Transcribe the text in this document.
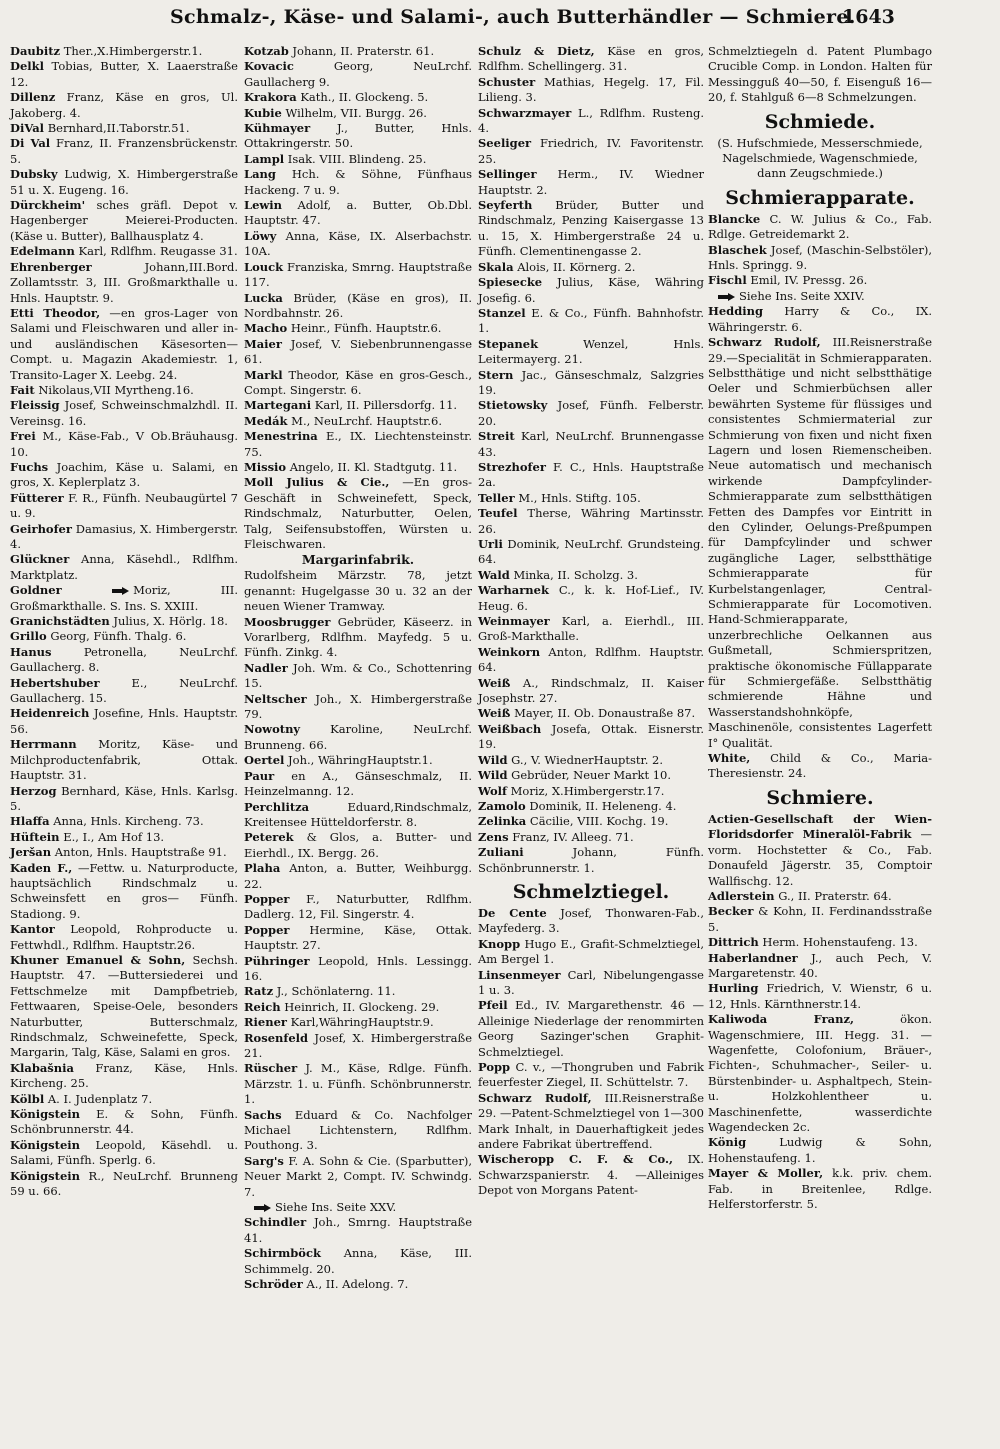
Schmalz-, Käse- und Salami-, auch Butterhändler — Schmiere.
1643

Daubitz Ther.,X.Himbergerstr.1.

Delkl Tobias, Butter, X. Laaerstraße 12.

Dillenz Franz, Käse en gros, Ul. Jakoberg. 4.

DiVal Bernhard,II.Taborstr.51.

Di Val Franz, II. Franzensbrückenstr. 5.

Dubsky Ludwig, X. Himbergerstraße 51 u. X. Eugeng. 16.

Dürckheim' sches gräfl. Depot v. Hagenberger Meierei-Producten. (Käse u. Butter), Ballhausplatz 4.

Edelmann Karl, Rdlfhm. Reugasse 31.

Ehrenberger	Johann,III.Bord. Zollamtsstr. 3, III. Großmarkthalle u. Hnls. Hauptstr. 9.

Etti Theodor, —en gros-Lager von Salami und Fleischwaren und aller in- und ausländischen Käsesorten—Compt. u. Magazin Akademiestr. 1, Transito-Lager X. Leebg. 24.

Fait Nikolaus,VII Myrtheng.16.

Fleissig Josef, Schweinschmalzhdl. II. Vereinsg. 16.

Frei M., Käse-Fab., V Ob.Bräuhausg. 10.

Fuchs Joachim, Käse u. Salami, en gros, X. Keplerplatz 3.

Fütterer F. R., Fünfh. Neubaugürtel 7 u. 9.

Geirhofer Damasius, X. Himbergerstr. 4.

Glückner Anna, Käsehdl., Rdlfhm. Marktplatz.

Goldner Moriz, III. Großmarkthalle. S. Ins. S. XXIII.

Granichstädten Julius, X. Hörlg. 18.

Grillo Georg, Fünfh. Thalg. 6.

Hanus	Petronella, NeuLrchf. Gaullacherg. 8.

Hebertshuber	E., NeuLrchf. Gaullacherg. 15.

Heidenreich Josefine, Hnls. Hauptstr. 56.

Herrmann Moritz, Käse- und Milchproductenfabrik, Ottak. Hauptstr. 31.

Herzog Bernhard, Käse, Hnls. Karlsg. 5.

Hlaffa Anna, Hnls. Kircheng. 73.

Hüftein E., I., Am Hof 13.

Jeršan Anton, Hnls. Hauptstraße 91.

Kaden F., —Fettw. u. Naturproducte, hauptsächlich Rindschmalz u. Schweinsfett en gros— Fünfh. Stadiong. 9.

Kantor Leopold, Rohproducte u. Fettwhdl., Rdlfhm. Hauptstr.26.

Khuner Emanuel & Sohn, Sechsh. Hauptstr. 47. —Buttersiederei und Fettschmelze mit Dampfbetrieb, Fettwaaren, Speise-Oele, besonders Naturbutter, Butterschmalz, Rindschmalz, Schweinefette, Speck, Margarin, Talg, Käse, Salami en gros.

Klabašnia Franz, Käse, Hnls. Kircheng. 25.

Kölbl A. I. Judenplatz 7.

Königstein E. & Sohn, Fünfh. Schönbrunnerstr. 44.

Königstein Leopold, Käsehdl. u. Salami, Fünfh. Sperlg. 6.

Königstein R., NeuLrchf. Brunneng 59 u. 66.

Kotzab Johann, II. Praterstr. 61.

Kovacic	Georg, NeuLrchf. Gaullacherg 9.

Krakora Kath., II. Glockeng. 5.

Kubie Wilhelm, VII. Burgg. 26.

Kühmayer J., Butter, Hnls. Ottakringerstr. 50.

Lampl Isak. VIII. Blindeng. 25.

Lang Hch. & Söhne, Fünfhaus Hackeng. 7 u. 9.

Lewin Adolf, a. Butter, Ob.Dbl. Hauptstr. 47.

Löwy Anna, Käse, IX. Alserbachstr. 10A.

Louck Franziska, Smrng. Hauptstraße 117.

Lucka Brüder, (Käse en gros), II. Nordbahnstr. 26.

Macho Heinr., Fünfh. Hauptstr.6.

Maier Josef, V. Siebenbrunnengasse 61.

Markl Theodor, Käse en gros-Gesch., Compt. Singerstr. 6.

Martegani Karl, II. Pillersdorfg. 11.

Medák M., NeuLrchf. Hauptstr.6.

Menestrina E., IX. Liechtensteinstr. 75.

Missio Angelo, II. Kl. Stadtgutg. 11.

Moll Julius & Cie., —En gros-Geschäft in Schweinefett, Speck, Rindschmalz, Naturbutter, Oelen, Talg, Seifensubstoffen, Würsten u. Fleischwaren.

Margarinfabrik.

Rudolfsheim Märzstr. 78, jetzt genannt: Hugelgasse 30 u. 32 an der neuen Wiener Tramway.

Moosbrugger Gebrüder, Käseerz. in Vorarlberg, Rdlfhm. Mayfedg. 5 u. Fünfh. Zinkg. 4.

Nadler Joh. Wm. & Co., Schottenring 15.

Neltscher Joh., X. Himbergerstraße 79.

Nowotny	Karoline, NeuLrchf. Brunneng. 66.

Oertel Joh., WähringHauptstr.1.

Paur en A., Gänseschmalz, II. Heinzelmanng. 12.

Perchlitza	Eduard,Rindschmalz, Kreitensee Hütteldorferstr. 8.

Peterek & Glos, a. Butter- und Eierhdl., IX. Bergg. 26.

Plaha Anton, a. Butter, Weihburgg. 22.

Popper F., Naturbutter, Rdlfhm. Dadlerg. 12, Fil. Singerstr. 4.

Popper Hermine, Käse, Ottak. Hauptstr. 27.

Pühringer Leopold, Hnls. Lessingg. 16.

Ratz J., Schönlaterng. 11.

Reich Heinrich, II. Glockeng. 29.

Riener Karl,WähringHauptstr.9.

Rosenfeld Josef, X. Himbergerstraße 21.

Rüscher J. M., Käse, Rdlge. Fünfh. Märzstr. 1. u. Fünfh. Schönbrunnerstr. 1.

Sachs Eduard & Co. Nachfolger Michael Lichtenstern, Rdlfhm. Pouthong. 3.

Sarg's F. A. Sohn & Cie. (Sparbutter), Neuer Markt 2, Compt. IV. Schwindg. 7.

Siehe Ins. Seite XXV.

Schindler Joh., Smrng. Hauptstraße 41.

Schirmböck Anna, Käse, III. Schimmelg. 20.

Schröder A., II. Adelong. 7.

Schulz & Dietz, Käse en gros, Rdlfhm. Schellingerg. 31.

Schuster Mathias, Hegelg. 17, Fil. Lilieng. 3.

Schwarzmayer L., Rdlfhm. Rusteng. 4.

Seeliger Friedrich, IV. Favoritenstr. 25.

Sellinger Herm., IV. Wiedner Hauptstr. 2.

Seyferth Brüder, Butter und Rindschmalz, Penzing Kaisergasse 13 u. 15, X. Himbergerstraße 24 u. Fünfh. Clementinengasse 2.

Skala Alois, II. Körnerg. 2.

Spiesecke Julius, Käse, Währing Josefig. 6.

Stanzel E. & Co., Fünfh. Bahnhofstr. 1.

Stepanek	Wenzel, Hnls. Leitermayerg. 21.

Stern Jac., Gänseschmalz, Salzgries 19.

Stietowsky Josef, Fünfh. Felberstr. 20.

Streit Karl, NeuLrchf. Brunnengasse 43.

Strezhofer F. C., Hnls. Hauptstraße 2a.

Teller M., Hnls. Stiftg. 105.

Teufel Therse, Währing Martinsstr. 26.

Urli Dominik, NeuLrchf. Grundsteing. 64.

Wald Minka, II. Scholzg. 3.

Warharnek C., k. k. Hof-Lief., IV. Heug. 6.

Weinmayer Karl, a. Eierhdl., III. Groß-Markthalle.

Weinkorn Anton, Rdlfhm. Hauptstr. 64.

Weiß A., Rindschmalz, II. Kaiser Josephstr. 27.

Weiß Mayer, II. Ob. Donaustraße 87.

Weißbach Josefa, Ottak. Eisnerstr. 19.

Wild G., V. WiednerHauptstr. 2.

Wild Gebrüder, Neuer Markt 10.

Wolf Moriz, X.Himbergerstr.17.

Zamolo Dominik, II. Heleneng. 4.

Zelinka Cäcilie, VIII. Kochg. 19.

Zens Franz, IV. Alleeg. 71.

Zuliani	Johann, Fünfh. Schönbrunnerstr. 1.

Schmelztiegel.

De Cente Josef, Thonwaren-Fab., Mayfederg. 3.

Knopp Hugo E., Grafit-Schmelztiegel, Am Bergel 1.

Linsenmeyer Carl, Nibelungengasse 1 u. 3.

Pfeil Ed., IV. Margarethenstr. 46 —Alleinige Niederlage der renommirten Georg Sazinger'schen Graphit-Schmelztiegel.

Popp C. v., —Thongruben und Fabrik feuerfester Ziegel, II. Schüttelstr. 7.

Schwarz Rudolf, III.Reisnerstraße 29. —Patent-Schmelztiegel von 1—300 Mark Inhalt, in Dauerhaftigkeit jedes andere Fabrikat übertreffend.

Wischeropp C. F. & Co., IX. Schwarzspanierstr. 4. —Alleiniges Depot von Morgans Patent-

Schmelztiegeln d. Patent Plumbago Crucible Comp. in London. Halten für Messingguß 40—50, f. Eisenguß 16—20, f. Stahlguß 6—8 Schmelzungen.

Schmiede.
(S. Hufschmiede, Messerschmiede, Nagelschmiede, Wagenschmiede, dann Zeugschmiede.)
Schmierapparate.

Blancke C. W. Julius & Co., Fab. Rdlge. Getreidemarkt 2.

Blaschek Josef, (Maschin-Selbstöler), Hnls. Springg. 9.

Fischl Emil, IV. Pressg. 26.

Siehe Ins. Seite XXIV.

Hedding Harry & Co., IX. Währingerstr. 6.

Schwarz Rudolf, III.Reisnerstraße 29.—Specialität in Schmierapparaten. Selbstthätige und nicht selbstthätige Oeler und Schmierbüchsen aller bewährten Systeme für flüssiges und consistentes Schmiermaterial zur Schmierung von fixen und nicht fixen Lagern und losen Riemenscheiben. Neue automatisch und mechanisch wirkende Dampfcylinder-Schmierapparate zum selbstthätigen Fetten des Dampfes vor Eintritt in den Cylinder, Oelungs-Preßpumpen für Dampfcylinder und schwer zugängliche Lager, selbstthätige Schmierapparate für Kurbelstangenlager, Central-Schmierapparate für Locomotiven. Hand-Schmierapparate, unzerbrechliche Oelkannen aus Gußmetall, Schmierspritzen, praktische ökonomische Füllapparate für Schmiergefäße. Selbstthätig schmierende Hähne und Wasserstandshohnköpfe, Maschinenöle, consistentes Lagerfett I° Qualität.

White, Child & Co., Maria-Theresienstr. 24.

Schmiere.

Actien-Gesellschaft der Wien-Floridsdorfer Mineralöl-Fabrik —vorm. Hochstetter & Co., Fab. Donaufeld Jägerstr. 35, Comptoir Wallfischg. 12.

Adlerstein G., II. Praterstr. 64.

Becker & Kohn, II. Ferdinandsstraße 5.

Dittrich Herm. Hohenstaufeng. 13.

Haberlandner J., auch Pech, V. Margaretenstr. 40.

Hurling Friedrich, V. Wienstr, 6 u. 12, Hnls. Kärnthnerstr.14.

Kaliwoda Franz,	ökon. Wagenschmiere, III. Hegg. 31. —Wagenfette, Colofonium, Bräuer-, Fichten-, Schuhmacher-, Seiler- u. Bürstenbinder- u. Asphaltpech, Stein- u. Holzkohlentheer u. Maschinenfette, wasserdichte Wagendecken 2c.

König	Ludwig & Sohn, Hohenstaufeng. 1.

Mayer & Moller, k.k. priv. chem. Fab. in Breitenlee, Rdlge. Helferstorferstr. 5.
